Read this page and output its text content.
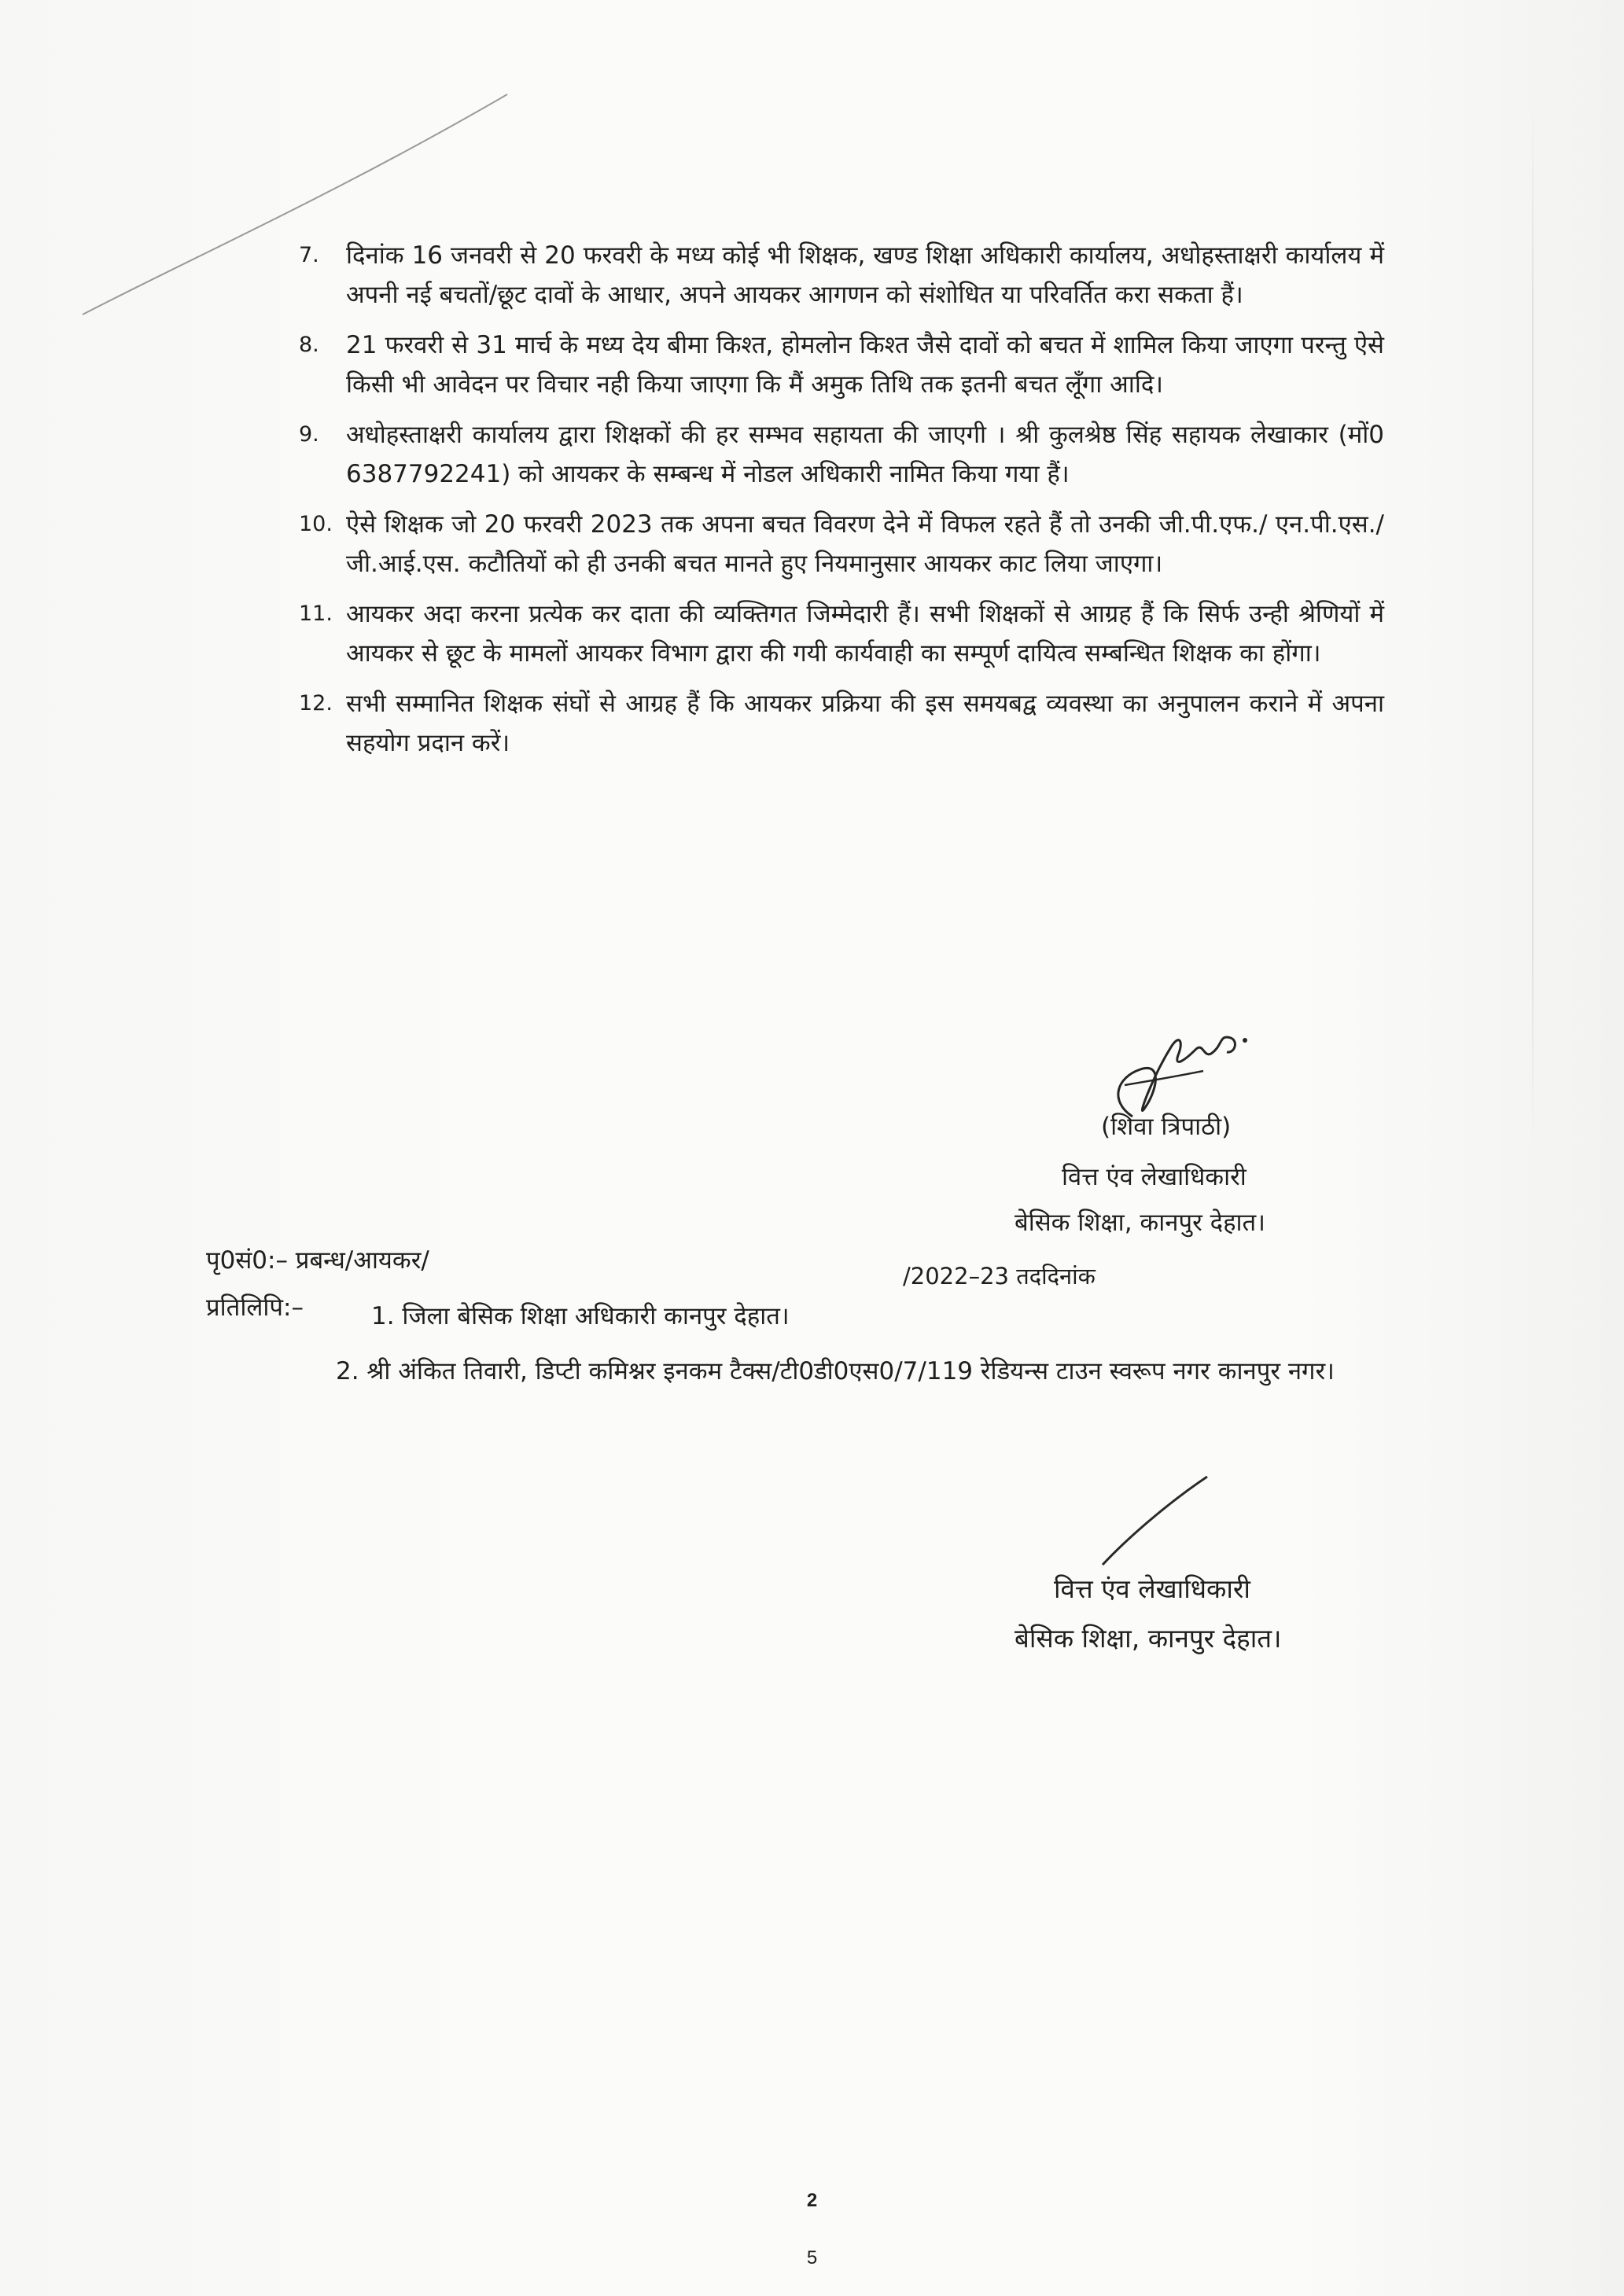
7.	दिनांक 16 जनवरी से 20 फरवरी के मध्य कोई भी शिक्षक, खण्ड शिक्षा अधिकारी कार्यालय, अधोहस्ताक्षरी कार्यालय में अपनी नई बचतों/छूट दावों के आधार, अपने आयकर आगणन को संशोधित या परिवर्तित करा सकता हैं।
8.	21 फरवरी से 31 मार्च के मध्य देय बीमा किश्त, होमलोन किश्त जैसे दावों को बचत में शामिल किया जाएगा परन्तु ऐसे किसी भी आवेदन पर विचार नही किया जाएगा कि मैं अमुक तिथि तक इतनी बचत लूँगा आदि।
9.	अधोहस्ताक्षरी कार्यालय द्वारा शिक्षकों की हर सम्भव सहायता की जाएगी । श्री कुलश्रेष्ठ सिंह सहायक लेखाकार (मों0 6387792241) को आयकर के सम्बन्ध में नोडल अधिकारी नामित किया गया हैं।
10. ऐसे शिक्षक जो 20 फरवरी 2023 तक अपना बचत विवरण देने में विफल रहते हैं तो उनकी जी.पी.एफ./ एन.पी.एस./ जी.आई.एस. कटौतियों को ही उनकी बचत मानते हुए नियमानुसार आयकर काट लिया जाएगा।
11. आयकर अदा करना प्रत्येक कर दाता की व्यक्तिगत जिम्मेदारी हैं। सभी शिक्षकों से आग्रह हैं कि सिर्फ उन्ही श्रेणियों में आयकर से छूट के मामलों आयकर विभाग द्वारा की गयी कार्यवाही का सम्पूर्ण दायित्व सम्बन्धित शिक्षक का होंगा।
12. सभी सम्मानित शिक्षक संघों से आग्रह हैं कि आयकर प्रक्रिया की इस समयबद्व व्यवस्था का अनुपालन कराने में अपना सहयोग प्रदान करें।
(शिवा त्रिपाठी)
वित्त एंव लेखाधिकारी
बेसिक शिक्षा, कानपुर देहात।
पृ0सं0:– प्रबन्ध/आयकर/
/2022–23 तददिनांक
प्रतिलिपि:–	1. जिला बेसिक शिक्षा अधिकारी कानपुर देहात।
2. श्री अंकित तिवारी, डिप्टी कमिश्नर इनकम टैक्स/टी0डी0एस0/7/119 रेडियन्स टाउन स्वरूप नगर कानपुर नगर।
वित्त एंव लेखाधिकारी
बेसिक शिक्षा, कानपुर देहात।
2
5
